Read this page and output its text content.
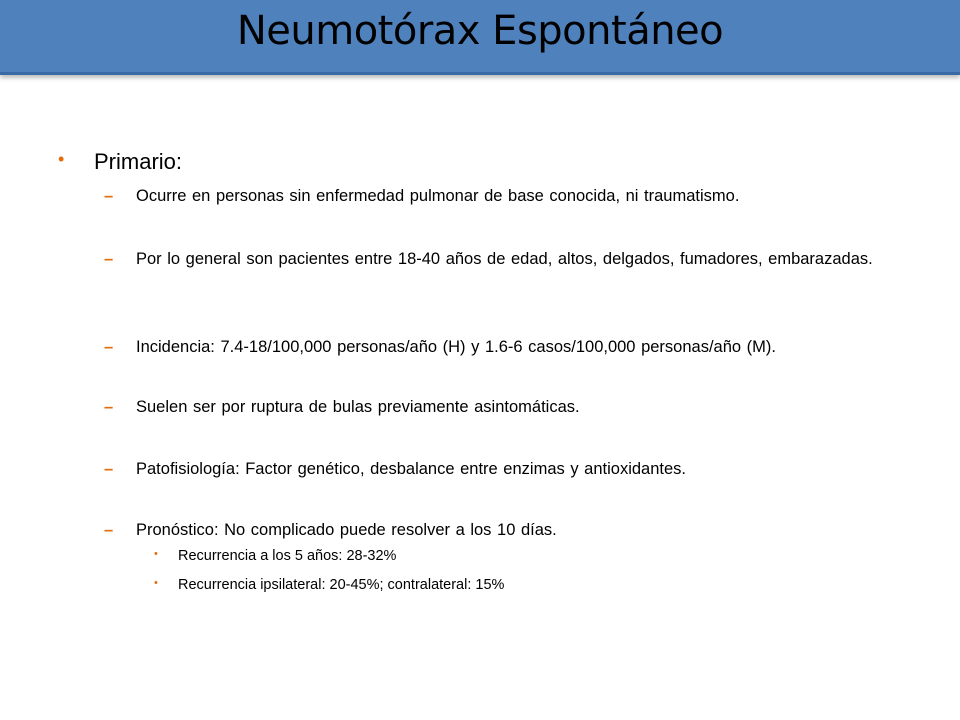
Neumotórax Espontáneo
• Primario:
– Ocurre en personas sin enfermedad pulmonar de base conocida, ni traumatismo.
– Por lo general son pacientes entre 18-40 años de edad, altos, delgados, fumadores, embarazadas.
– Incidencia: 7.4-18/100,000 personas/año (H) y 1.6-6 casos/100,000 personas/año (M).
– Suelen ser por ruptura de bulas previamente asintomáticas.
– Patofisiología: Factor genético, desbalance entre enzimas y antioxidantes.
– Pronóstico: No complicado puede resolver a los 10 días.
• Recurrencia a los 5 años: 28-32%
• Recurrencia ipsilateral: 20-45%; contralateral: 15%
